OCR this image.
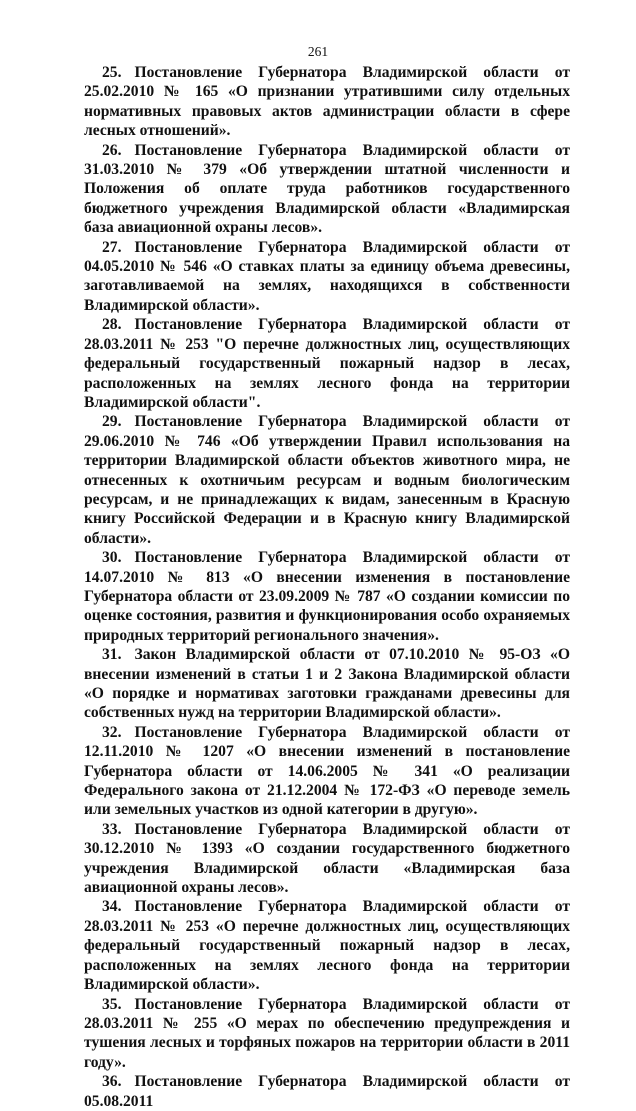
261

25. Постановление Губернатора Владимирской области от 25.02.2010 № 165 «О признании утратившими силу отдельных нормативных правовых актов администрации области в сфере лесных отношений».

26. Постановление Губернатора Владимирской области от 31.03.2010 № 379 «Об утверждении штатной численности и Положения об оплате труда работников государственного бюджетного учреждения Владимирской области «Владимирская база авиационной охраны лесов».

27. Постановление Губернатора Владимирской области от 04.05.2010 № 546 «О ставках платы за единицу объема древесины, заготавливаемой на землях, находящихся в собственности Владимирской области».

28. Постановление Губернатора Владимирской области от 28.03.2011 № 253 "О перечне должностных лиц, осуществляющих федеральный государственный пожарный надзор в лесах, расположенных на землях лесного фонда на территории Владимирской области".

29. Постановление Губернатора Владимирской области от 29.06.2010 № 746 «Об утверждении Правил использования на территории Владимирской области объектов животного мира, не отнесенных к охотничьим ресурсам и водным биологическим ресурсам, и не принадлежащих к видам, занесенным в Красную книгу Российской Федерации и в Красную книгу Владимирской области».

30. Постановление Губернатора Владимирской области от 14.07.2010 № 813 «О внесении изменения в постановление Губернатора области от 23.09.2009 № 787 «О создании комиссии по оценке состояния, развития и функционирования особо охраняемых природных территорий регионального значения».

31. Закон Владимирской области от 07.10.2010 № 95-ОЗ «О внесении изменений в статьи 1 и 2 Закона Владимирской области «О порядке и нормативах заготовки гражданами древесины для собственных нужд на территории Владимирской области».

32. Постановление Губернатора Владимирской области от 12.11.2010 № 1207 «О внесении изменений в постановление Губернатора области от 14.06.2005 № 341 «О реализации Федерального закона от 21.12.2004 № 172-ФЗ «О переводе земель или земельных участков из одной категории в другую».

33. Постановление Губернатора Владимирской области от 30.12.2010 № 1393 «О создании государственного бюджетного учреждения Владимирской области «Владимирская база авиационной охраны лесов».

34. Постановление Губернатора Владимирской области от 28.03.2011 № 253 «О перечне должностных лиц, осуществляющих федеральный государственный пожарный надзор в лесах, расположенных на землях лесного фонда на территории Владимирской области».

35. Постановление Губернатора Владимирской области от 28.03.2011 № 255 «О мерах по обеспечению предупреждения и тушения лесных и торфяных пожаров на территории области в 2011 году».

36. Постановление Губернатора Владимирской области от 05.08.2011
